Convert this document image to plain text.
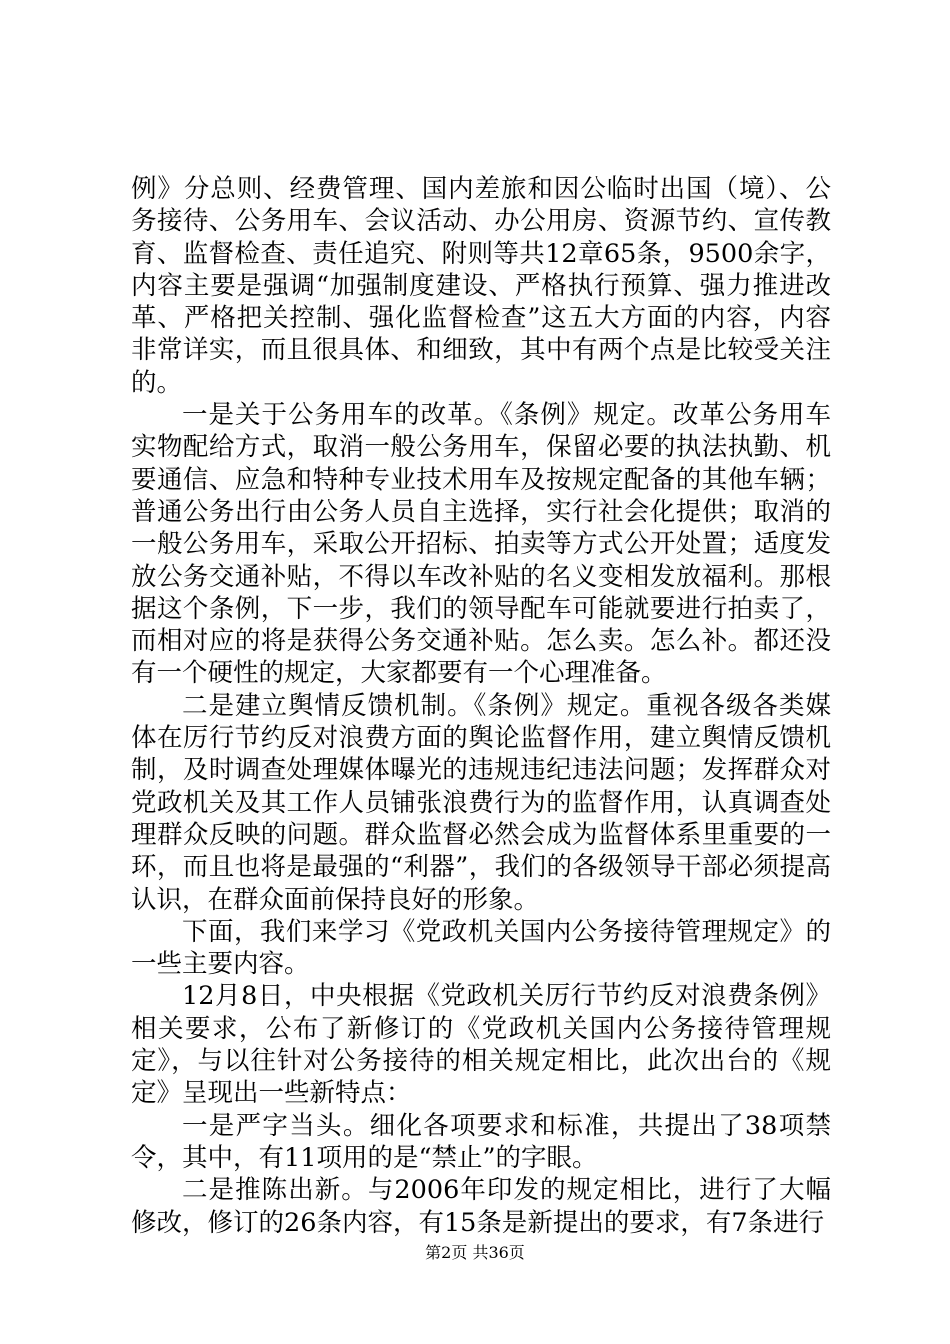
例》分总则、经费管理、国内差旅和因公临时出国（境）、公务接待、公务用车、会议活动、办公用房、资源节约、宣传教育、监督检查、责任追究、附则等共12章65条，9500余字，内容主要是强调“加强制度建设、严格执行预算、强力推进改革、严格把关控制、强化监督检查”这五大方面的内容，内容非常详实，而且很具体、和细致，其中有两个点是比较受关注的。

一是关于公务用车的改革。《条例》规定。改革公务用车实物配给方式，取消一般公务用车，保留必要的执法执勤、机要通信、应急和特种专业技术用车及按规定配备的其他车辆；普通公务出行由公务人员自主选择，实行社会化提供；取消的一般公务用车，采取公开招标、拍卖等方式公开处置；适度发放公务交通补贴，不得以车改补贴的名义变相发放福利。那根据这个条例，下一步，我们的领导配车可能就要进行拍卖了，而相对应的将是获得公务交通补贴。怎么卖。怎么补。都还没有一个硬性的规定，大家都要有一个心理准备。

二是建立舆情反馈机制。《条例》规定。重视各级各类媒体在厉行节约反对浪费方面的舆论监督作用，建立舆情反馈机制，及时调查处理媒体曝光的违规违纪违法问题；发挥群众对党政机关及其工作人员铺张浪费行为的监督作用，认真调查处理群众反映的问题。群众监督必然会成为监督体系里重要的一环，而且也将是最强的“利器”，我们的各级领导干部必须提高认识，在群众面前保持良好的形象。

下面，我们来学习《党政机关国内公务接待管理规定》的一些主要内容。

12月8日，中央根据《党政机关厉行节约反对浪费条例》相关要求，公布了新修订的《党政机关国内公务接待管理规定》，与以往针对公务接待的相关规定相比，此次出台的《规定》呈现出一些新特点：

一是严字当头。细化各项要求和标准，共提出了38项禁令，其中，有11项用的是“禁止”的字眼。

二是推陈出新。与2006年印发的规定相比，进行了大幅修改，修订的26条内容，有15条是新提出的要求，有7条进行

第2页 共36页
